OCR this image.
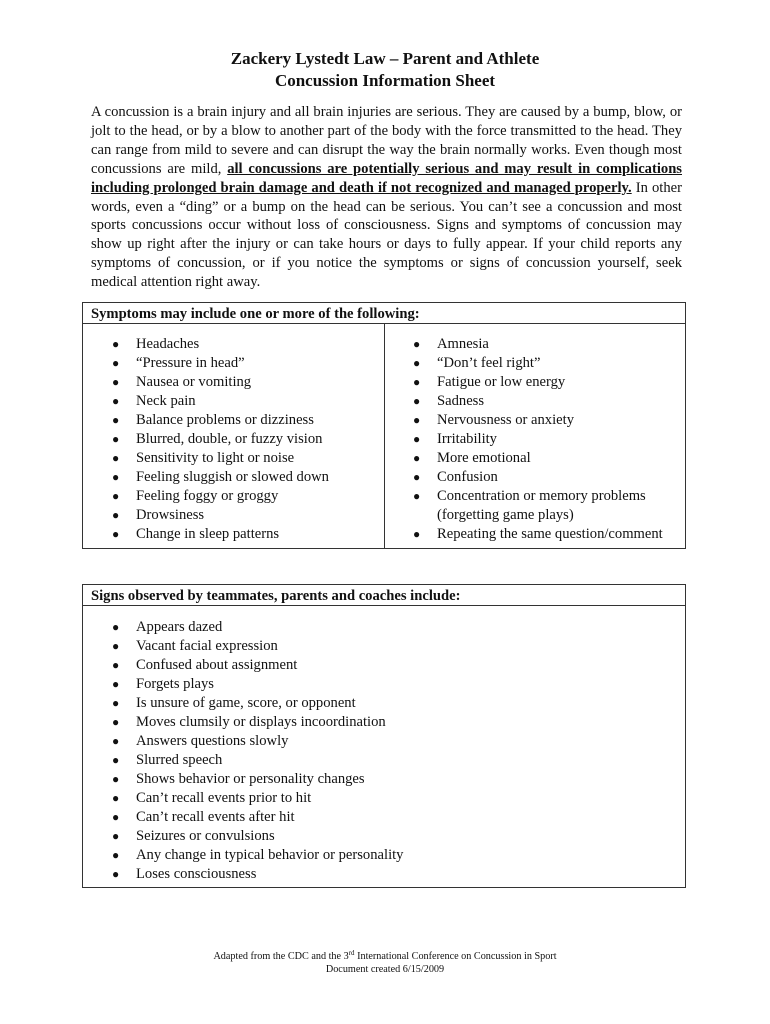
Zackery Lystedt Law – Parent and Athlete
Concussion Information Sheet
A concussion is a brain injury and all brain injuries are serious. They are caused by a bump, blow, or jolt to the head, or by a blow to another part of the body with the force transmitted to the head. They can range from mild to severe and can disrupt the way the brain normally works. Even though most concussions are mild, all concussions are potentially serious and may result in complications including prolonged brain damage and death if not recognized and managed properly. In other words, even a “ding” or a bump on the head can be serious. You can’t see a concussion and most sports concussions occur without loss of consciousness. Signs and symptoms of concussion may show up right after the injury or can take hours or days to fully appear. If your child reports any symptoms of concussion, or if you notice the symptoms or signs of concussion yourself, seek medical attention right away.
Symptoms may include one or more of the following:
● Headaches
● “Pressure in head”
● Nausea or vomiting
● Neck pain
● Balance problems or dizziness
● Blurred, double, or fuzzy vision
● Sensitivity to light or noise
● Feeling sluggish or slowed down
● Feeling foggy or groggy
● Drowsiness
● Change in sleep patterns
● Amnesia
● “Don’t feel right”
● Fatigue or low energy
● Sadness
● Nervousness or anxiety
● Irritability
● More emotional
● Confusion
● Concentration or memory problems (forgetting game plays)
● Repeating the same question/comment
Signs observed by teammates, parents and coaches include:
● Appears dazed
● Vacant facial expression
● Confused about assignment
● Forgets plays
● Is unsure of game, score, or opponent
● Moves clumsily or displays incoordination
● Answers questions slowly
● Slurred speech
● Shows behavior or personality changes
● Can’t recall events prior to hit
● Can’t recall events after hit
● Seizures or convulsions
● Any change in typical behavior or personality
● Loses consciousness
Adapted from the CDC and the 3rd International Conference on Concussion in Sport
Document created 6/15/2009
